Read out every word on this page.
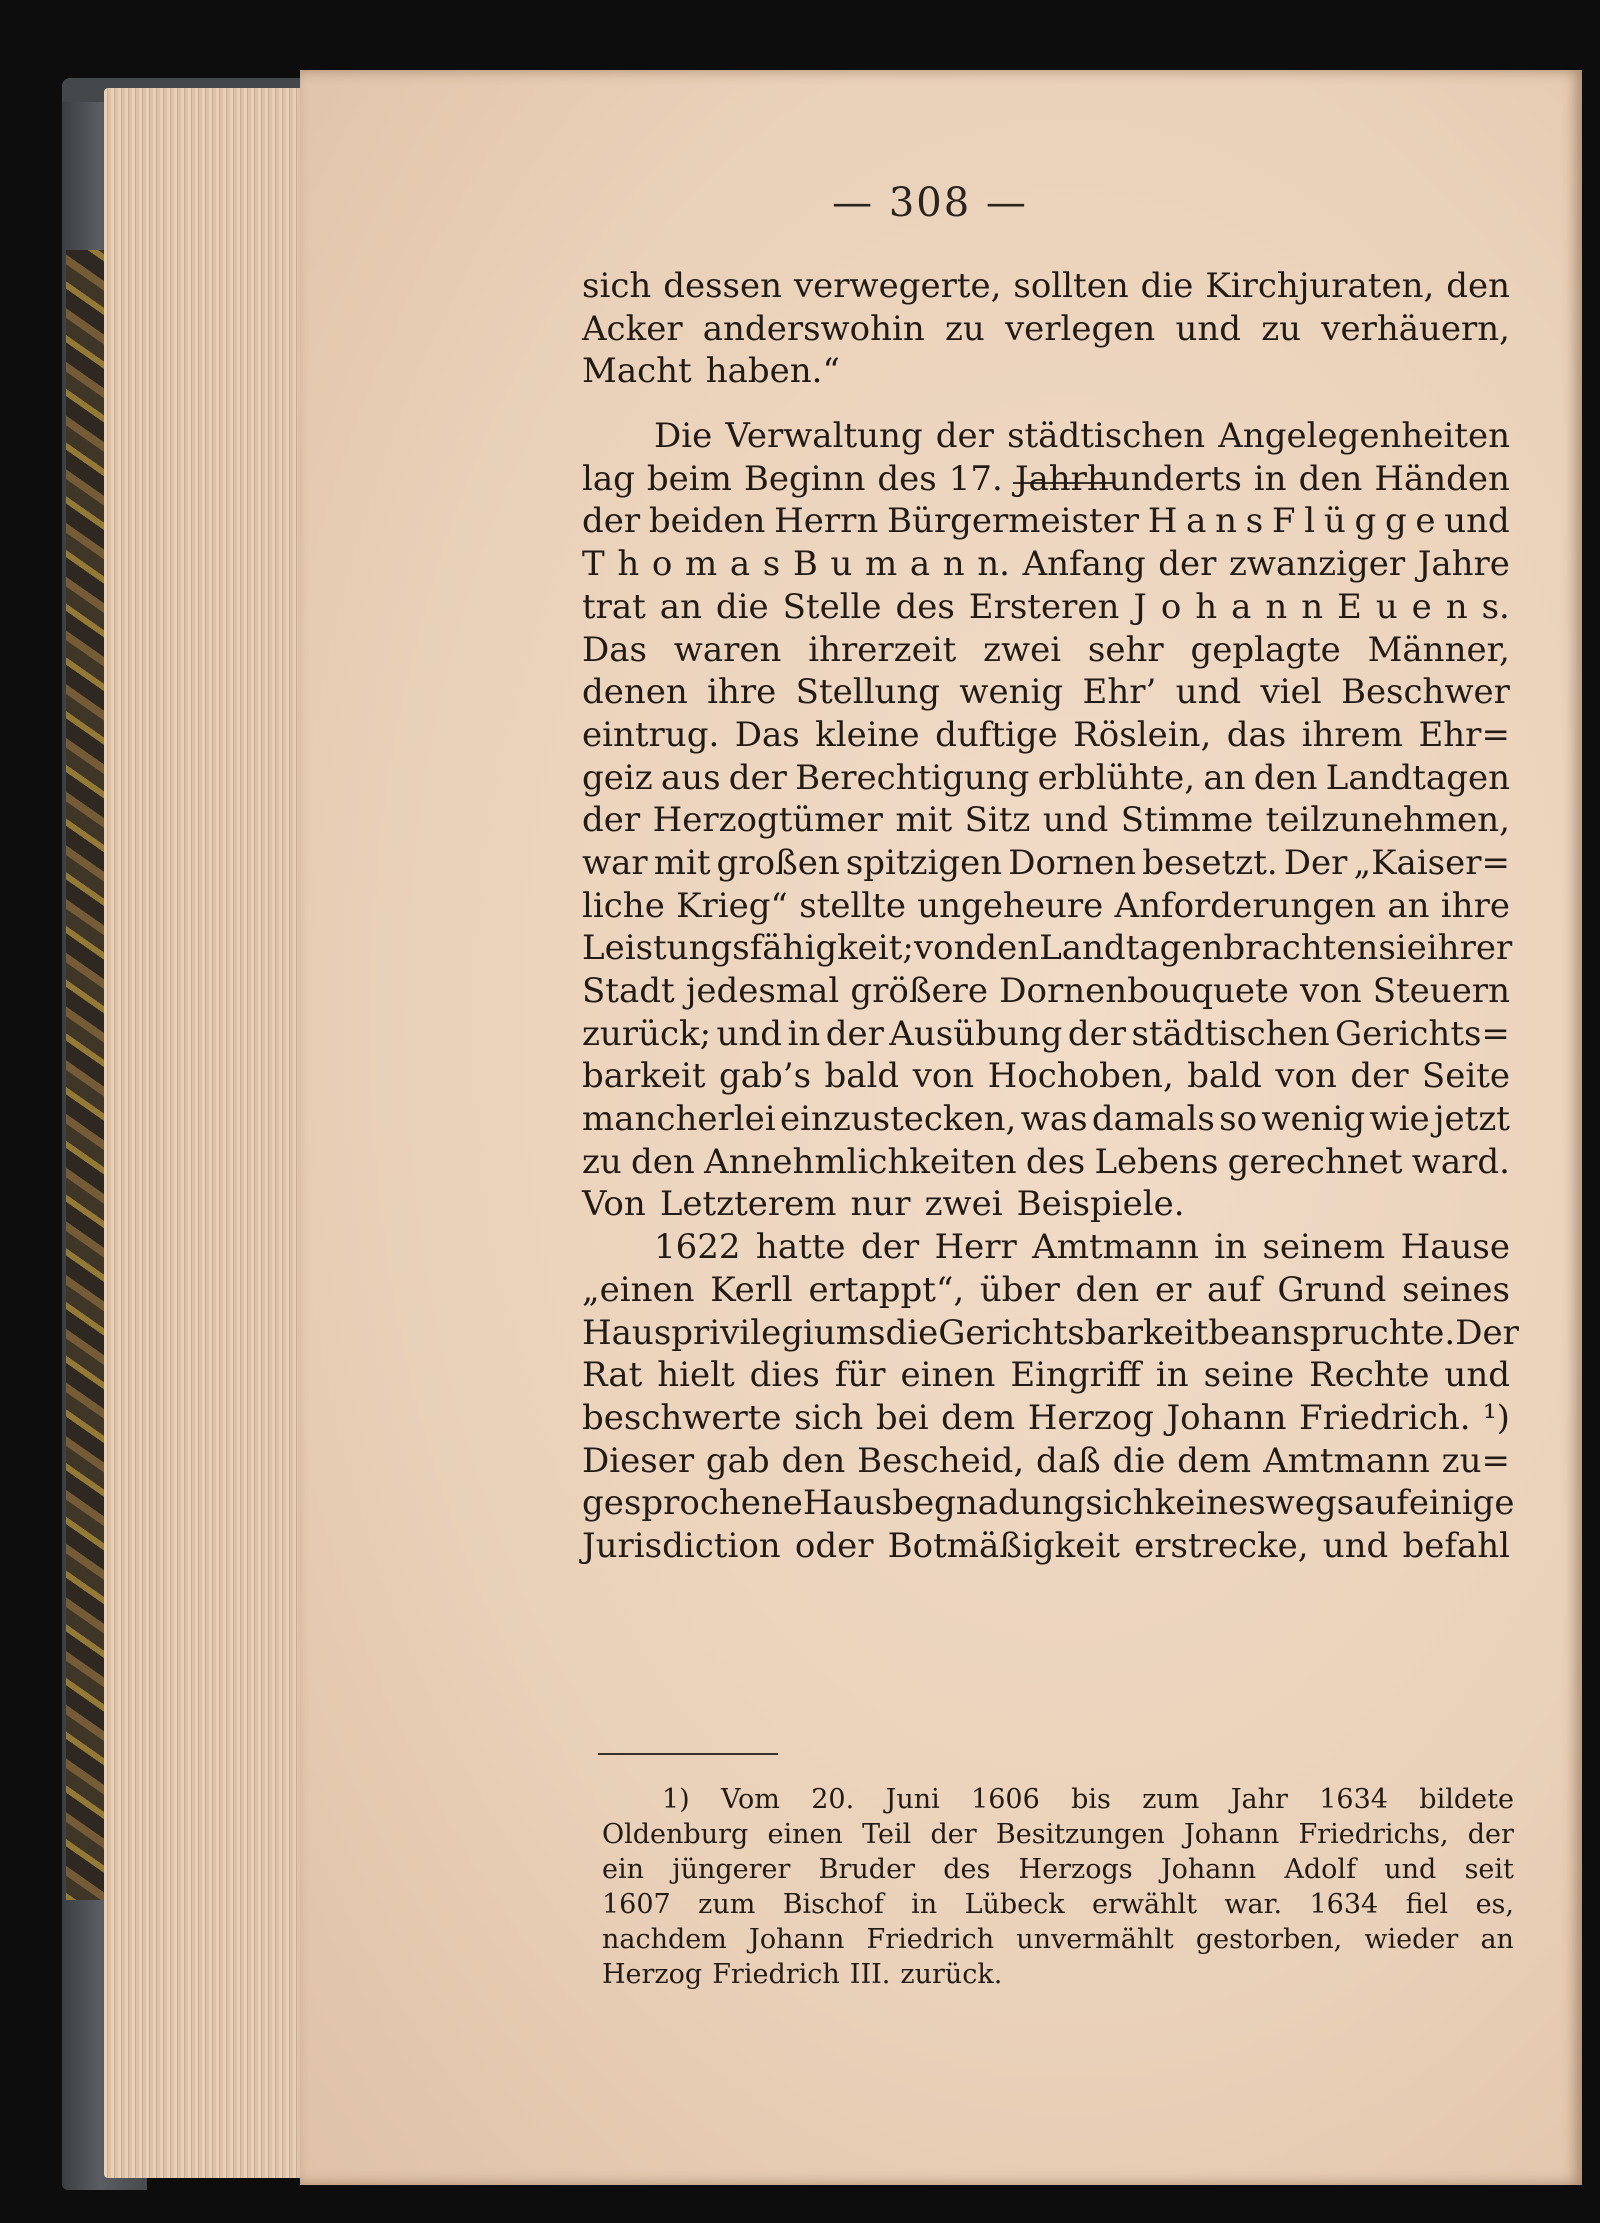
— 308 —
sich dessen verwegerte, sollten die Kirchjuraten, den
Acker anderswohin zu verlegen und zu verhäuern,
Macht haben.“
Die Verwaltung der städtischen Angelegenheiten
lag beim Beginn des 17. Jahrhunderts in den Händen
der beiden Herrn Bürgermeister H a n s F l ü g g e und
T h o m a s B u m a n n. Anfang der zwanziger Jahre
trat an die Stelle des Ersteren J o h a n n E u e n s.
Das waren ihrerzeit zwei sehr geplagte Männer,
denen ihre Stellung wenig Ehr’ und viel Beschwer
eintrug. Das kleine duftige Röslein, das ihrem Ehr=
geiz aus der Berechtigung erblühte, an den Landtagen
der Herzogtümer mit Sitz und Stimme teilzunehmen,
war mit großen spitzigen Dornen besetzt. Der „Kaiser=
liche Krieg“ stellte ungeheure Anforderungen an ihre
Leistungsfähigkeit; von den Landtagen brachten sie ihrer
Stadt jedesmal größere Dornenbouquete von Steuern
zurück; und in der Ausübung der städtischen Gerichts=
barkeit gab’s bald von Hochoben, bald von der Seite
mancherlei einzustecken, was damals so wenig wie jetzt
zu den Annehmlichkeiten des Lebens gerechnet ward.
Von Letzterem nur zwei Beispiele.
1622 hatte der Herr Amtmann in seinem Hause
„einen Kerll ertappt“, über den er auf Grund seines
Hausprivilegiums die Gerichtsbarkeit beanspruchte. Der
Rat hielt dies für einen Eingriff in seine Rechte und
beschwerte sich bei dem Herzog Johann Friedrich. ¹)
Dieser gab den Bescheid, daß die dem Amtmann zu=
gesprochene Hausbegnadung sich keineswegs auf einige
Jurisdiction oder Botmäßigkeit erstrecke, und befahl
1) Vom 20. Juni 1606 bis zum Jahr 1634 bildete
Oldenburg einen Teil der Besitzungen Johann Friedrichs, der
ein jüngerer Bruder des Herzogs Johann Adolf und seit
1607 zum Bischof in Lübeck erwählt war. 1634 fiel es,
nachdem Johann Friedrich unvermählt gestorben, wieder an
Herzog Friedrich III. zurück.
